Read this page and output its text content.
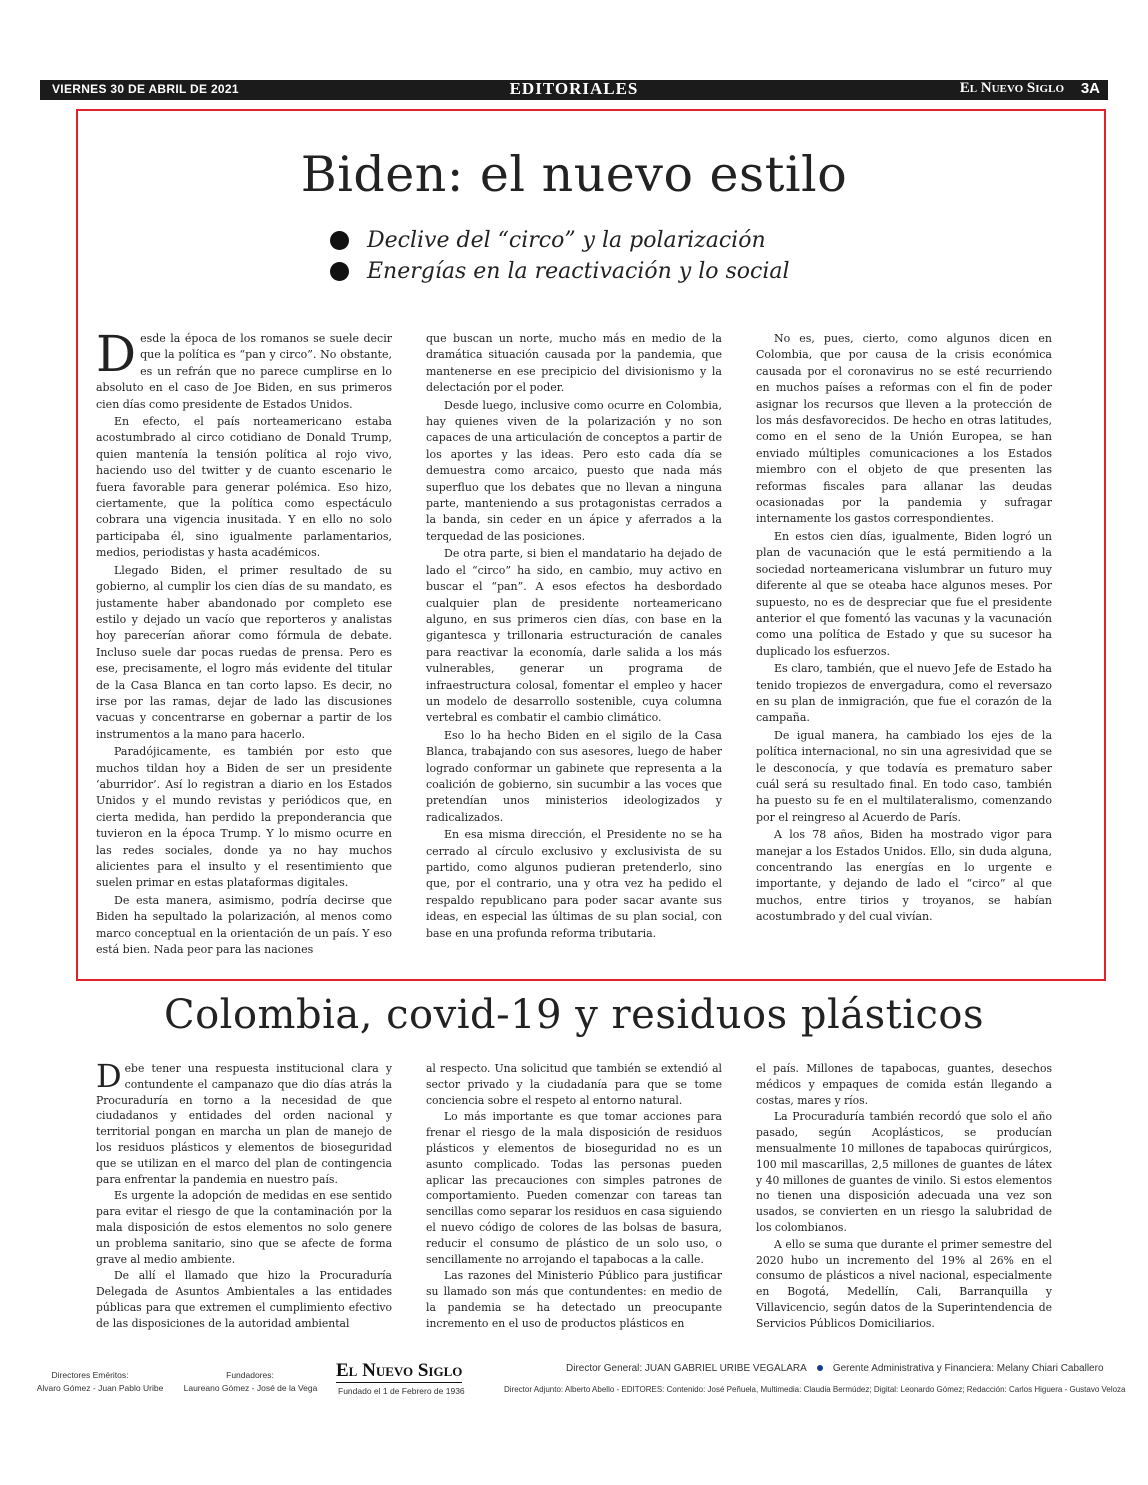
VIERNES 30 DE ABRIL DE 2021	EDITORIALES	El Nuevo Siglo 3A
Biden: el nuevo estilo
Declive del “circo” y la polarización
Energías en la reactivación y lo social

Desde la época de los romanos se suele decir que la política es “pan y circo”. No obstante, es un refrán que no parece cumplirse en lo absoluto en el caso de Joe Biden, en sus primeros cien días como presidente de Estados Unidos.

En efecto, el país norteamericano estaba acostumbrado al circo cotidiano de Donald Trump, quien mantenía la tensión política al rojo vivo, haciendo uso del twitter y de cuanto escenario le fuera favorable para generar polémica. Eso hizo, ciertamente, que la política como espectáculo cobrara una vigencia inusitada. Y en ello no solo participaba él, sino igualmente parlamentarios, medios, periodistas y hasta académicos.

Llegado Biden, el primer resultado de su gobierno, al cumplir los cien días de su mandato, es justamente haber abandonado por completo ese estilo y dejado un vacío que reporteros y analistas hoy parecerían añorar como fórmula de debate. Incluso suele dar pocas ruedas de prensa. Pero es ese, precisamente, el logro más evidente del titular de la Casa Blanca en tan corto lapso. Es decir, no irse por las ramas, dejar de lado las discusiones vacuas y concentrarse en gobernar a partir de los instrumentos a la mano para hacerlo.

Paradójicamente, es también por esto que muchos tildan hoy a Biden de ser un presidente ‘aburridor’. Así lo registran a diario en los Estados Unidos y el mundo revistas y periódicos que, en cierta medida, han perdido la preponderancia que tuvieron en la época Trump. Y lo mismo ocurre en las redes sociales, donde ya no hay muchos alicientes para el insulto y el resentimiento que suelen primar en estas plataformas digitales.

De esta manera, asimismo, podría decirse que Biden ha sepultado la polarización, al menos como marco conceptual en la orientación de un país. Y eso está bien. Nada peor para las naciones

que buscan un norte, mucho más en medio de la dramática situación causada por la pandemia, que mantenerse en ese precipicio del divisionismo y la delectación por el poder.

Desde luego, inclusive como ocurre en Colombia, hay quienes viven de la polarización y no son capaces de una articulación de conceptos a partir de los aportes y las ideas. Pero esto cada día se demuestra como arcaico, puesto que nada más superfluo que los debates que no llevan a ninguna parte, manteniendo a sus protagonistas cerrados a la banda, sin ceder en un ápice y aferrados a la terquedad de las posiciones.

De otra parte, si bien el mandatario ha dejado de lado el “circo” ha sido, en cambio, muy activo en buscar el “pan”. A esos efectos ha desbordado cualquier plan de presidente norteamericano alguno, en sus primeros cien días, con base en la gigantesca y trillonaria estructuración de canales para reactivar la economía, darle salida a los más vulnerables, generar un programa de infraestructura colosal, fomentar el empleo y hacer un modelo de desarrollo sostenible, cuya columna vertebral es combatir el cambio climático.

Eso lo ha hecho Biden en el sigilo de la Casa Blanca, trabajando con sus asesores, luego de haber logrado conformar un gabinete que representa a la coalición de gobierno, sin sucumbir a las voces que pretendían unos ministerios ideologizados y radicalizados.

En esa misma dirección, el Presidente no se ha cerrado al círculo exclusivo y exclusivista de su partido, como algunos pudieran pretenderlo, sino que, por el contrario, una y otra vez ha pedido el respaldo republicano para poder sacar avante sus ideas, en especial las últimas de su plan social, con base en una profunda reforma tributaria.

No es, pues, cierto, como algunos dicen en Colombia, que por causa de la crisis económica causada por el coronavirus no se esté recurriendo en muchos países a reformas con el fin de poder asignar los recursos que lleven a la protección de los más desfavorecidos. De hecho en otras latitudes, como en el seno de la Unión Europea, se han enviado múltiples comunicaciones a los Estados miembro con el objeto de que presenten las reformas fiscales para allanar las deudas ocasionadas por la pandemia y sufragar internamente los gastos correspondientes.

En estos cien días, igualmente, Biden logró un plan de vacunación que le está permitiendo a la sociedad norteamericana vislumbrar un futuro muy diferente al que se oteaba hace algunos meses. Por supuesto, no es de despreciar que fue el presidente anterior el que fomentó las vacunas y la vacunación como una política de Estado y que su sucesor ha duplicado los esfuerzos.

Es claro, también, que el nuevo Jefe de Estado ha tenido tropiezos de envergadura, como el reversazo en su plan de inmigración, que fue el corazón de la campaña.

De igual manera, ha cambiado los ejes de la política internacional, no sin una agresividad que se le desconocía, y que todavía es prematuro saber cuál será su resultado final. En todo caso, también ha puesto su fe en el multilateralismo, comenzando por el reingreso al Acuerdo de París.

A los 78 años, Biden ha mostrado vigor para manejar a los Estados Unidos. Ello, sin duda alguna, concentrando las energías en lo urgente e importante, y dejando de lado el “circo” al que muchos, entre tirios y troyanos, se habían acostumbrado y del cual vivían.

Colombia, covid-19 y residuos plásticos

Debe tener una respuesta institucional clara y contundente el campanazo que dio días atrás la Procuraduría en torno a la necesidad de que ciudadanos y entidades del orden nacional y territorial pongan en marcha un plan de manejo de los residuos plásticos y elementos de bioseguridad que se utilizan en el marco del plan de contingencia para enfrentar la pandemia en nuestro país.

Es urgente la adopción de medidas en ese sentido para evitar el riesgo de que la contaminación por la mala disposición de estos elementos no solo genere un problema sanitario, sino que se afecte de forma grave al medio ambiente.

De allí el llamado que hizo la Procuraduría Delegada de Asuntos Ambientales a las entidades públicas para que extremen el cumplimiento efectivo de las disposiciones de la autoridad ambiental

al respecto. Una solicitud que también se extendió al sector privado y la ciudadanía para que se tome conciencia sobre el respeto al entorno natural.

Lo más importante es que tomar acciones para frenar el riesgo de la mala disposición de residuos plásticos y elementos de bioseguridad no es un asunto complicado. Todas las personas pueden aplicar las precauciones con simples patrones de comportamiento. Pueden comenzar con tareas tan sencillas como separar los residuos en casa siguiendo el nuevo código de colores de las bolsas de basura, reducir el consumo de plástico de un solo uso, o sencillamente no arrojando el tapabocas a la calle.

Las razones del Ministerio Público para justificar su llamado son más que contundentes: en medio de la pandemia se ha detectado un preocupante incremento en el uso de productos plásticos en

el país. Millones de tapabocas, guantes, desechos médicos y empaques de comida están llegando a costas, mares y ríos.

La Procuraduría también recordó que solo el año pasado, según Acoplásticos, se producían mensualmente 10 millones de tapabocas quirúrgicos, 100 mil mascarillas, 2,5 millones de guantes de látex y 40 millones de guantes de vinilo. Si estos elementos no tienen una disposición adecuada una vez son usados, se convierten en un riesgo la salubridad de los colombianos.

A ello se suma que durante el primer semestre del 2020 hubo un incremento del 19% al 26% en el consumo de plásticos a nivel nacional, especialmente en Bogotá, Medellín, Cali, Barranquilla y Villavicencio, según datos de la Superintendencia de Servicios Públicos Domiciliarios.

Directores Eméritos:
Alvaro Gómez - Juan Pablo Uribe
Fundadores:
Laureano Gómez - José de la Vega
El Nuevo Siglo
Fundado el 1 de Febrero de 1936
Director General: JUAN GABRIEL URIBE VEGALARA	Gerente Administrativa y Financiera: Melany Chiari Caballero
Director Adjunto: Alberto Abello - EDITORES: Contenido: José Peñuela, Multimedia: Claudia Bermúdez; Digital: Leonardo Gómez; Redacción: Carlos Higuera - Gustavo Veloza
